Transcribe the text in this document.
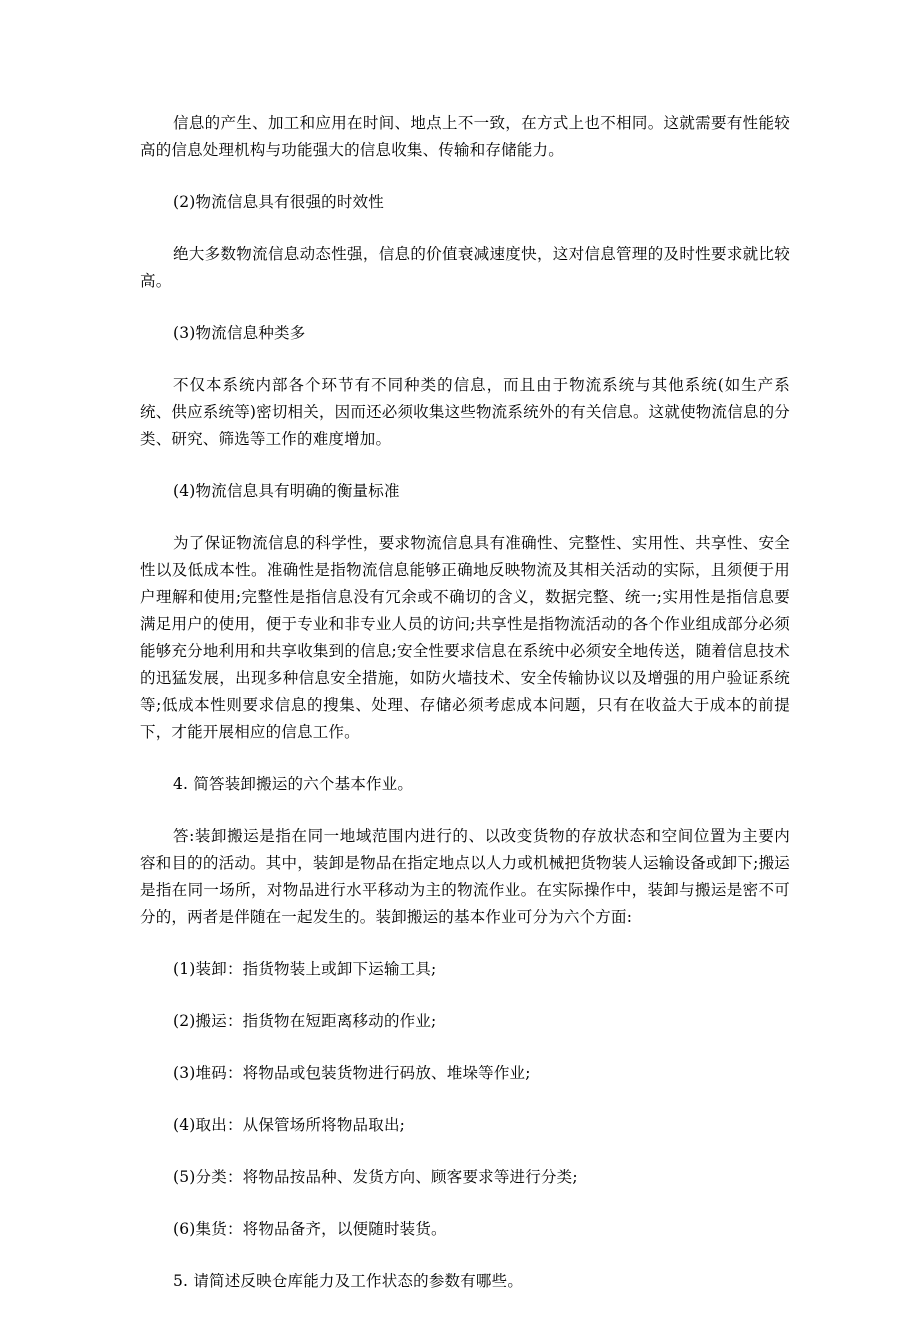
信息的产生、加工和应用在时间、地点上不一致，在方式上也不相同。这就需要有性能较高的信息处理机构与功能强大的信息收集、传输和存储能力。

(2)物流信息具有很强的时效性

绝大多数物流信息动态性强，信息的价值衰减速度快，这对信息管理的及时性要求就比较高。

(3)物流信息种类多

不仅本系统内部各个环节有不同种类的信息，而且由于物流系统与其他系统(如生产系统、供应系统等)密切相关，因而还必须收集这些物流系统外的有关信息。这就使物流信息的分类、研究、筛选等工作的难度增加。

(4)物流信息具有明确的衡量标准

为了保证物流信息的科学性，要求物流信息具有准确性、完整性、实用性、共享性、安全性以及低成本性。准确性是指物流信息能够正确地反映物流及其相关活动的实际，且须便于用户理解和使用;完整性是指信息没有冗余或不确切的含义，数据完整、统一;实用性是指信息要满足用户的使用，便于专业和非专业人员的访问;共享性是指物流活动的各个作业组成部分必须能够充分地利用和共享收集到的信息;安全性要求信息在系统中必须安全地传送，随着信息技术的迅猛发展，出现多种信息安全措施，如防火墙技术、安全传输协议以及增强的用户验证系统等;低成本性则要求信息的搜集、处理、存储必须考虑成本问题，只有在收益大于成本的前提下，才能开展相应的信息工作。

4. 简答装卸搬运的六个基本作业。

答:装卸搬运是指在同一地域范围内进行的、以改变货物的存放状态和空间位置为主要内容和目的的活动。其中，装卸是物品在指定地点以人力或机械把货物装人运输设备或卸下;搬运是指在同一场所，对物品进行水平移动为主的物流作业。在实际操作中，装卸与搬运是密不可分的，两者是伴随在一起发生的。装卸搬运的基本作业可分为六个方面:

(1)装卸：指货物装上或卸下运输工具;

(2)搬运：指货物在短距离移动的作业;

(3)堆码：将物品或包装货物进行码放、堆垛等作业;

(4)取出：从保管场所将物品取出;

(5)分类：将物品按品种、发货方向、顾客要求等进行分类;

(6)集货：将物品备齐，以便随时装货。

5. 请简述反映仓库能力及工作状态的参数有哪些。
